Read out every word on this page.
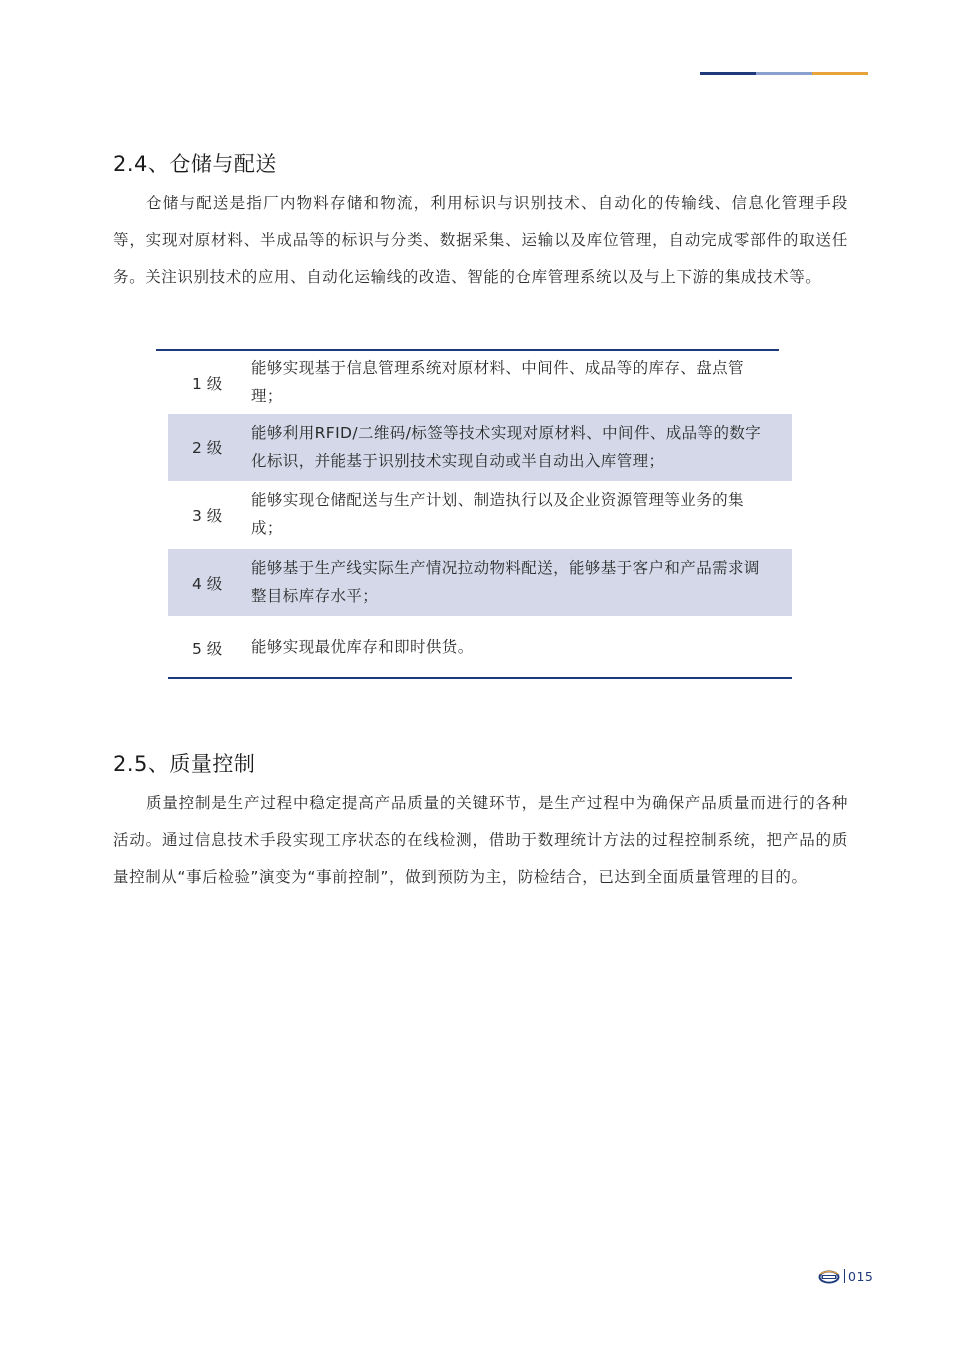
2.4、仓储与配送

仓储与配送是指厂内物料存储和物流，利用标识与识别技术、自动化的传输线、信息化管理手段等，实现对原材料、半成品等的标识与分类、数据采集、运输以及库位管理，自动完成零部件的取送任务。关注识别技术的应用、自动化运输线的改造、智能的仓库管理系统以及与上下游的集成技术等。

1 级
能够实现基于信息管理系统对原材料、中间件、成品等的库存、盘点管理；
2 级
能够利用RFID/二维码/标签等技术实现对原材料、中间件、成品等的数字化标识，并能基于识别技术实现自动或半自动出入库管理；
3 级
能够实现仓储配送与生产计划、制造执行以及企业资源管理等业务的集成；
4 级
能够基于生产线实际生产情况拉动物料配送，能够基于客户和产品需求调整目标库存水平；
5 级	能够实现最优库存和即时供货。
2.5、质量控制

质量控制是生产过程中稳定提高产品质量的关键环节，是生产过程中为确保产品质量而进行的各种活动。通过信息技术手段实现工序状态的在线检测，借助于数理统计方法的过程控制系统，把产品的质量控制从“事后检验”演变为“事前控制”，做到预防为主，防检结合，已达到全面质量管理的目的。

015
